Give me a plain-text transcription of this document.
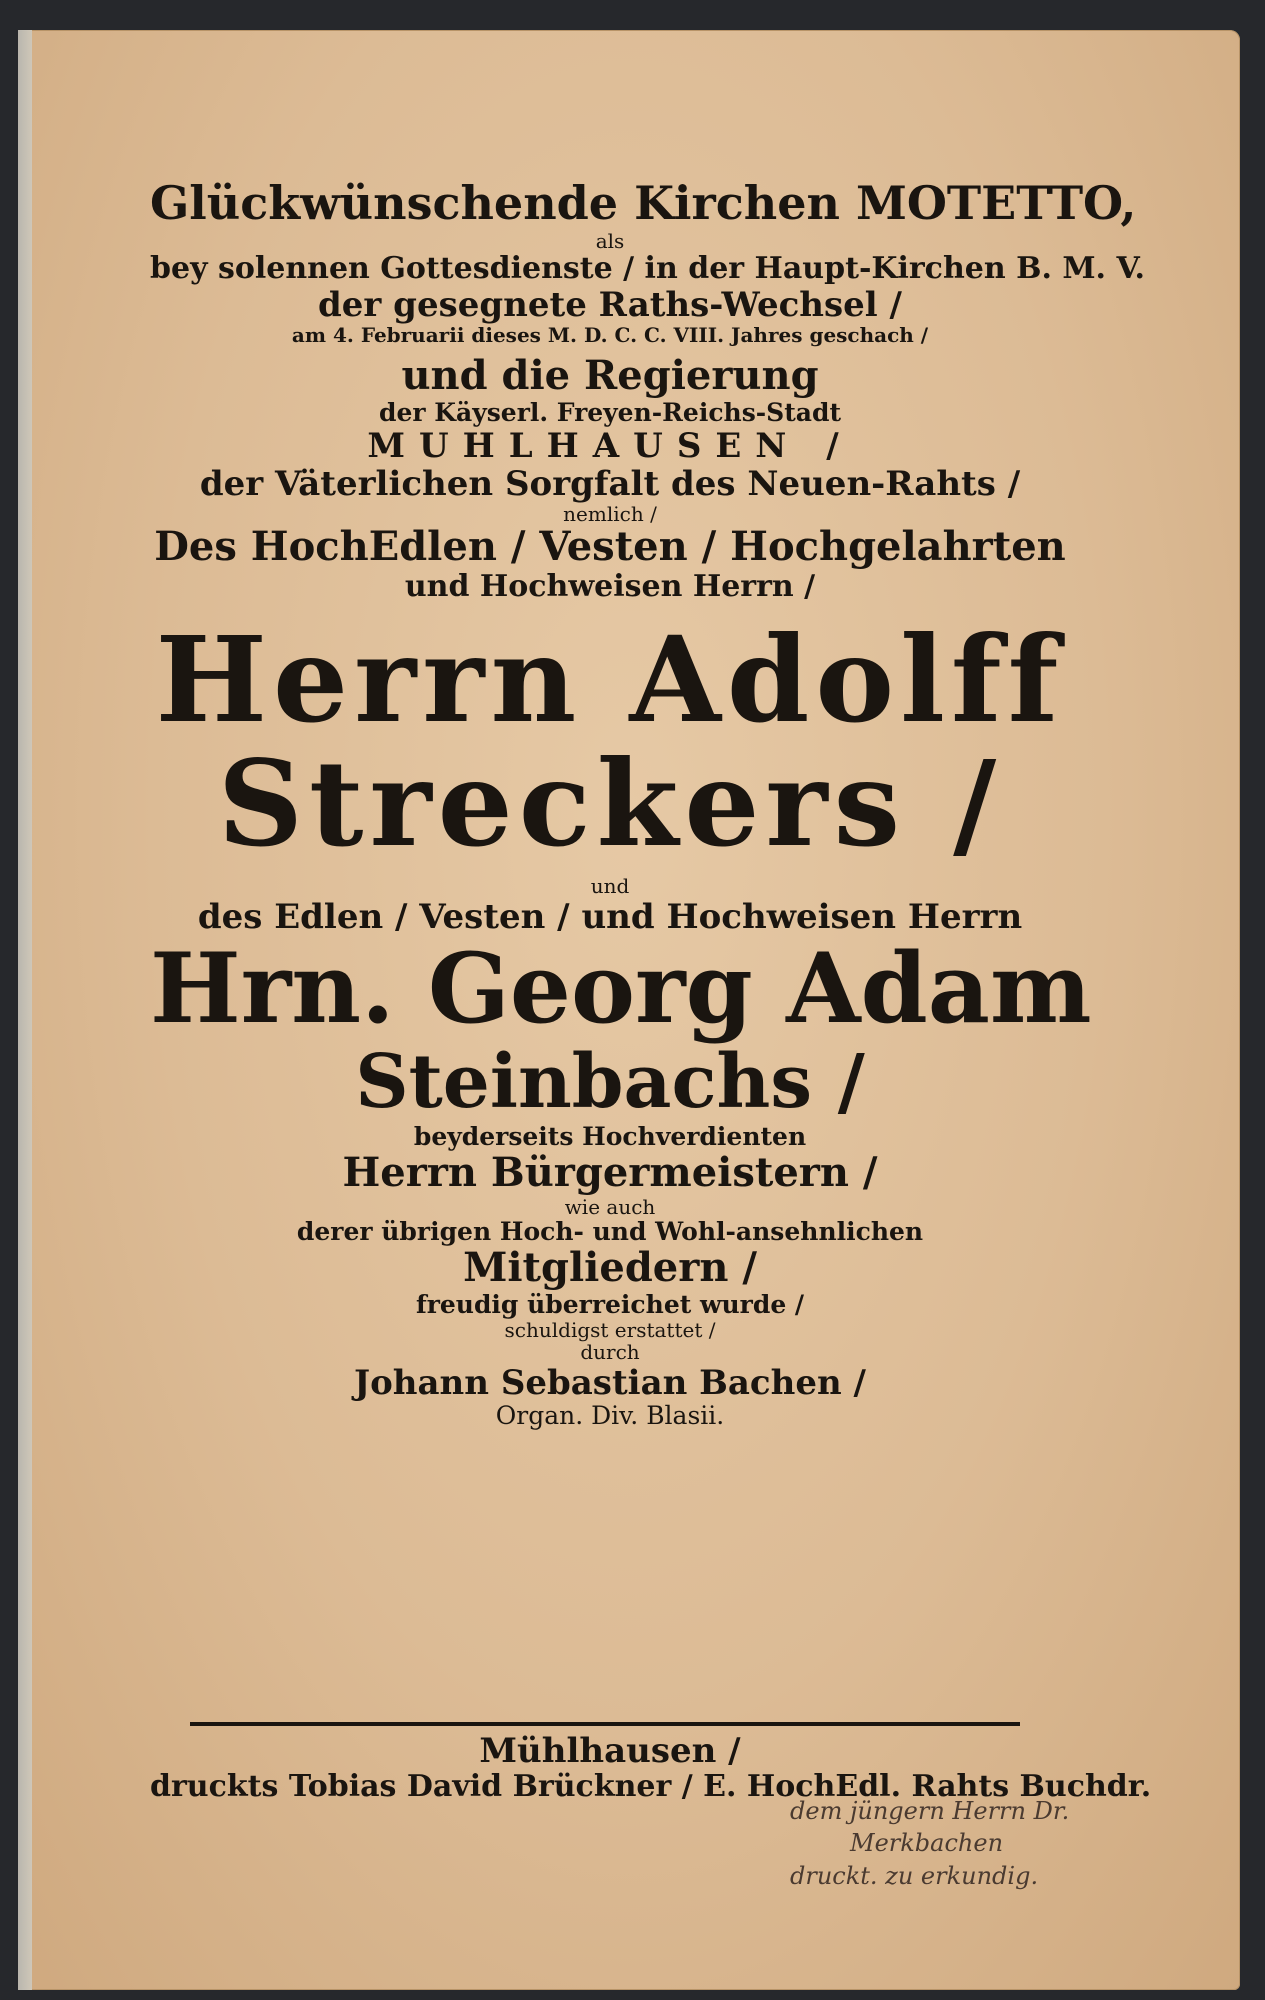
Glückwünschende Kirchen MOTETTO,
als
bey solennen Gottesdienste / in der Haupt-Kirchen B. M. V.
der gesegnete Raths-Wechsel /
am 4. Februarii dieses M. D. C. C. VIII. Jahres geschach /
und die Regierung
der Käyserl. Freyen-Reichs-Stadt
MUHLHAUSEN /
der Väterlichen Sorgfalt des Neuen-Rahts /
nemlich /
Des HochEdlen / Vesten / Hochgelahrten
und Hochweisen Herrn /
Herrn Adolff
Streckers /
und
des Edlen / Vesten / und Hochweisen Herrn
Hrn. Georg Adam
Steinbachs /
beyderseits Hochverdienten
Herrn Bürgermeistern /
wie auch
derer übrigen Hoch- und Wohl-ansehnlichen
Mitgliedern /
freudig überreichet wurde /
schuldigst erstattet /
durch
Johann Sebastian Bachen /
Organ. Div. Blasii.
Mühlhausen /
druckts Tobias David Brückner / E. HochEdl. Rahts Buchdr.
dem jüngern Herrn Dr.
Merkbachen
druckt. zu erkundig.
